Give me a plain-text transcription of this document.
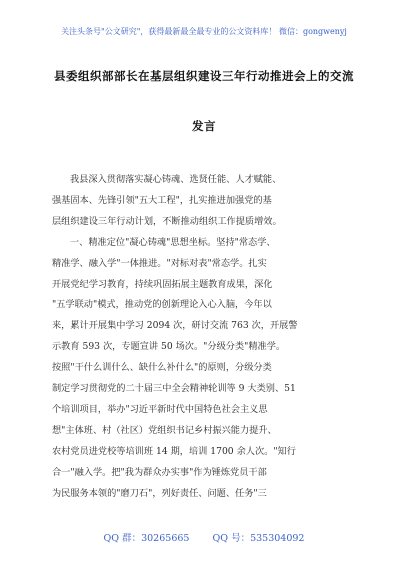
关注头条号"公文研究"，获得最新最全最专业的公文资料库！ 微信：gongwenyj
县委组织部部长在基层组织建设三年行动推进会上的交流
发言

我县深入贯彻落实凝心铸魂、选贤任能、人才赋能、

强基固本、先锋引领"五大工程"，扎实推进加强党的基

层组织建设三年行动计划，不断推动组织工作提质增效。

一、精准定位"凝心铸魂"思想坐标。坚持"常态学、

精准学、融入学"一体推进。"对标对表"常态学。扎实

开展党纪学习教育，持续巩固拓展主题教育成果，深化

"五学联动"模式，推动党的创新理论入心入脑，今年以

来，累计开展集中学习 2094 次，研讨交流 763 次，开展警

示教育 593 次，专题宣讲 50 场次。"分级分类"精准学。

按照"干什么训什么、缺什么补什么"的原则，分级分类

制定学习贯彻党的二十届三中全会精神轮训等 9 大类别、51

个培训项目，举办"习近平新时代中国特色社会主义思

想"主体班、村（社区）党组织书记乡村振兴能力提升、

农村党员进党校等培训班 14 期，培训 1700 余人次。"知行

合一"融入学。把"我为群众办实事"作为锤炼党员干部

为民服务本领的"磨刀石"，列好责任、问题、任务"三

QQ 群：30265665 QQ 号：535304092
